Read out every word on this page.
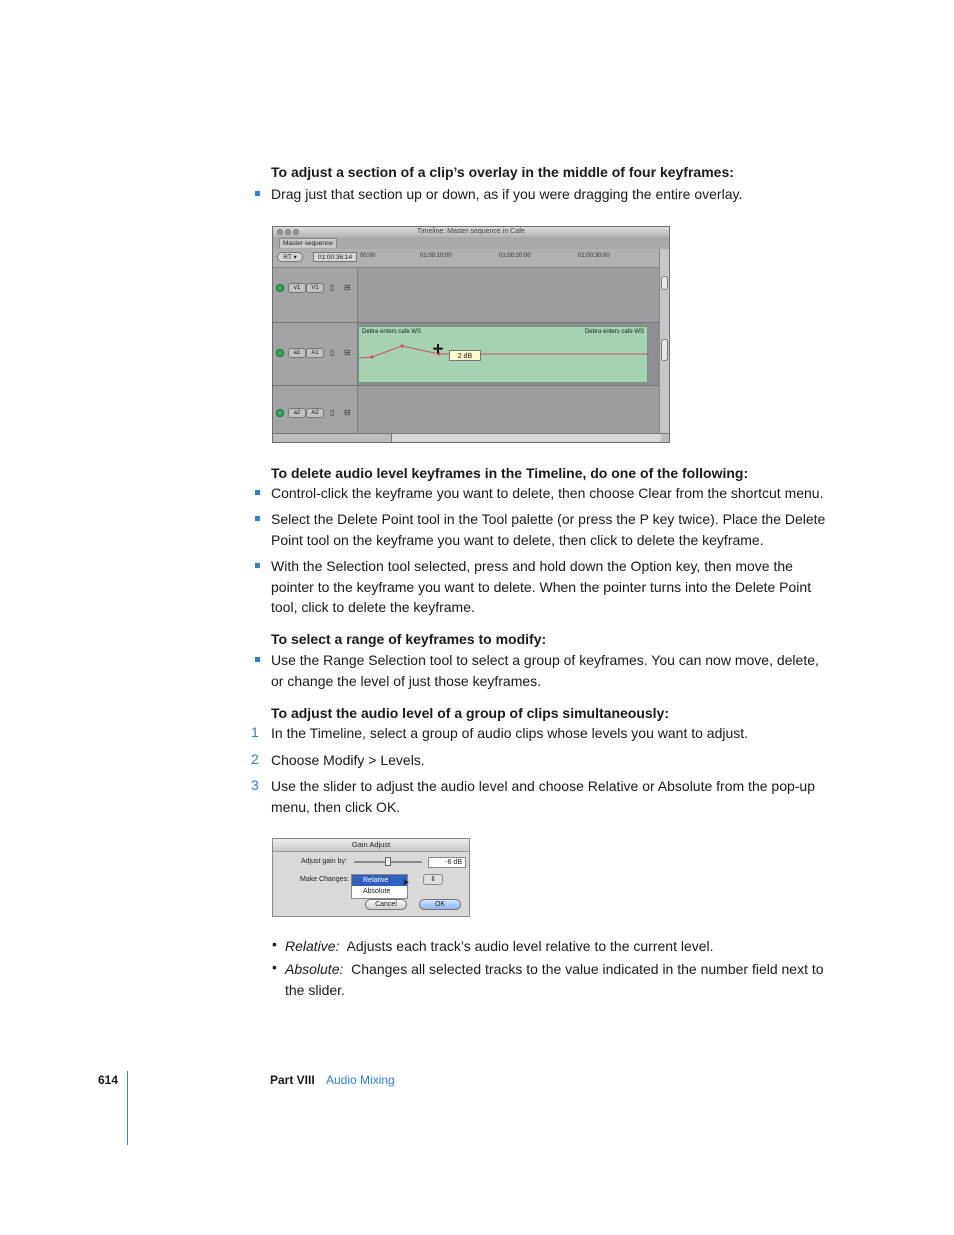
To adjust a section of a clip’s overlay in the middle of four keyframes:
Drag just that section up or down, as if you were dragging the entire overlay.
Timeline: Master sequence in Cafe
Master sequence
RT ▾	01:00:36:14	00:00	01:00:10:00	01:00:20:00	01:00:30:00
v1	V1	▯ ⊟
a1	A1	▯ ⊟
Debra enters cafe WS	Debra enters cafe WS
a2	A2	▯ ⊟
✛
2 dB
To delete audio level keyframes in the Timeline, do one of the following:
Control-click the keyframe you want to delete, then choose Clear from the shortcut menu.
Select the Delete Point tool in the Tool palette (or press the P key twice). Place the Delete Point tool on the keyframe you want to delete, then click to delete the keyframe.
With the Selection tool selected, press and hold down the Option key, then move the pointer to the keyframe you want to delete. When the pointer turns into the Delete Point tool, click to delete the keyframe.
To select a range of keyframes to modify:
Use the Range Selection tool to select a group of keyframes. You can now move, delete, or change the level of just those keyframes.
To adjust the audio level of a group of clips simultaneously:
1 In the Timeline, select a group of audio clips whose levels you want to adjust.
2 Choose Modify > Levels.
3 Use the slider to adjust the audio level and choose Relative or Absolute from the pop-up menu, then click OK.
Gain Adjust
Adjust gain by:	-6 dB
Make Changes:	⇕
Relative
Absolute
➤
Cancel	OK
• Relative: Adjusts each track’s audio level relative to the current level.
• Absolute: Changes all selected tracks to the value indicated in the number field next to the slider.
614	Part VIII Audio Mixing
